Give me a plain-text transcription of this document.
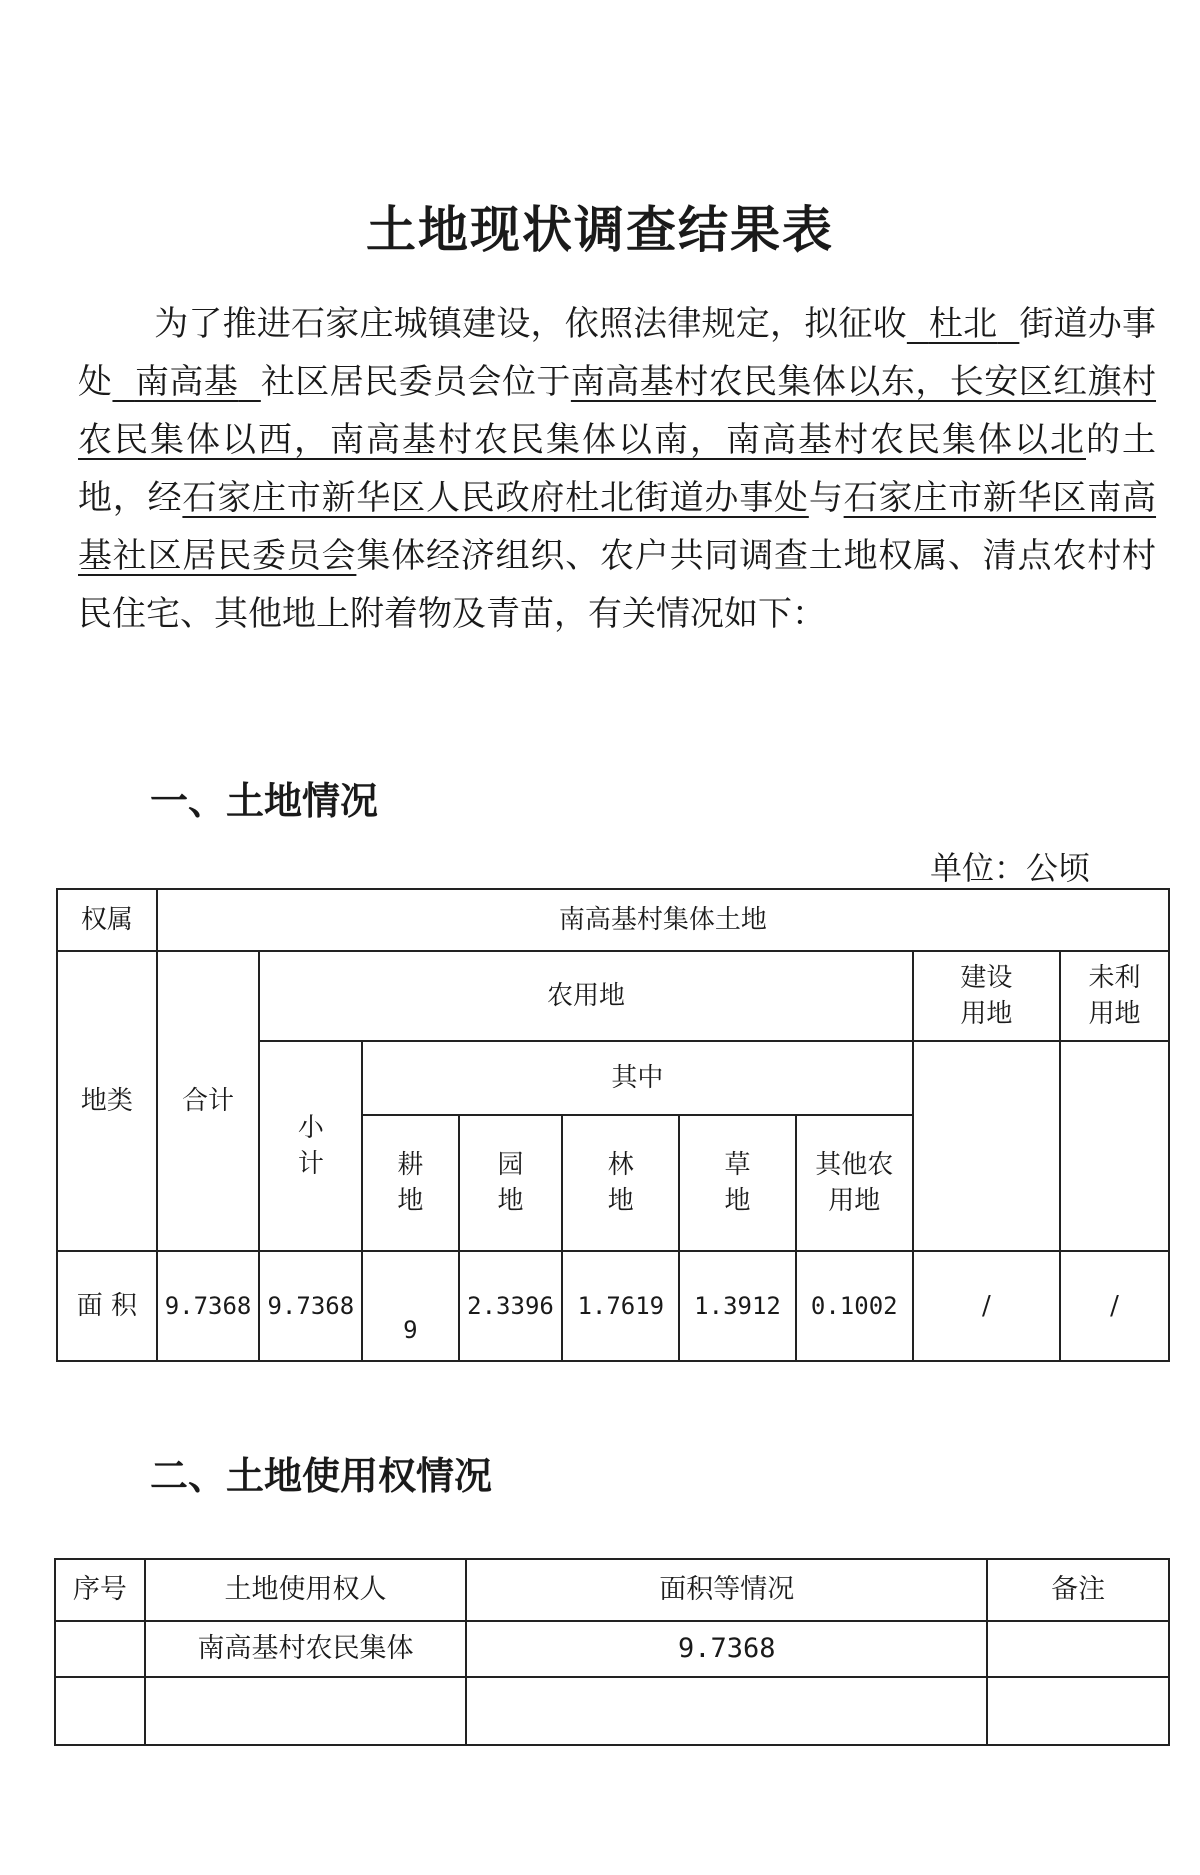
土地现状调查结果表
为了推进石家庄城镇建设，依照法律规定，拟征收 杜北 街道办事处 南高基 社区居民委员会位于南高基村农民集体以东，长安区红旗村农民集体以西，南高基村农民集体以南，南高基村农民集体以北的土地，经石家庄市新华区人民政府杜北街道办事处与石家庄市新华区南高基社区居民委员会集体经济组织、农户共同调查土地权属、清点农村村民住宅、其他地上附着物及青苗，有关情况如下：
一、土地情况
单位：公顷
权属	南高基村集体土地								
地类	合计	农用地						建设用地	未利用地
		小计	其中						
			耕地	园地	林地	草地	其他农用地		
面 积	9.7368	9.7368	9	2.3396	1.7619	1.3912	0.1002	/	/
二、土地使用权情况
序号	土地使用权人	面积等情况	备注
	南高基村农民集体	9.7368	
